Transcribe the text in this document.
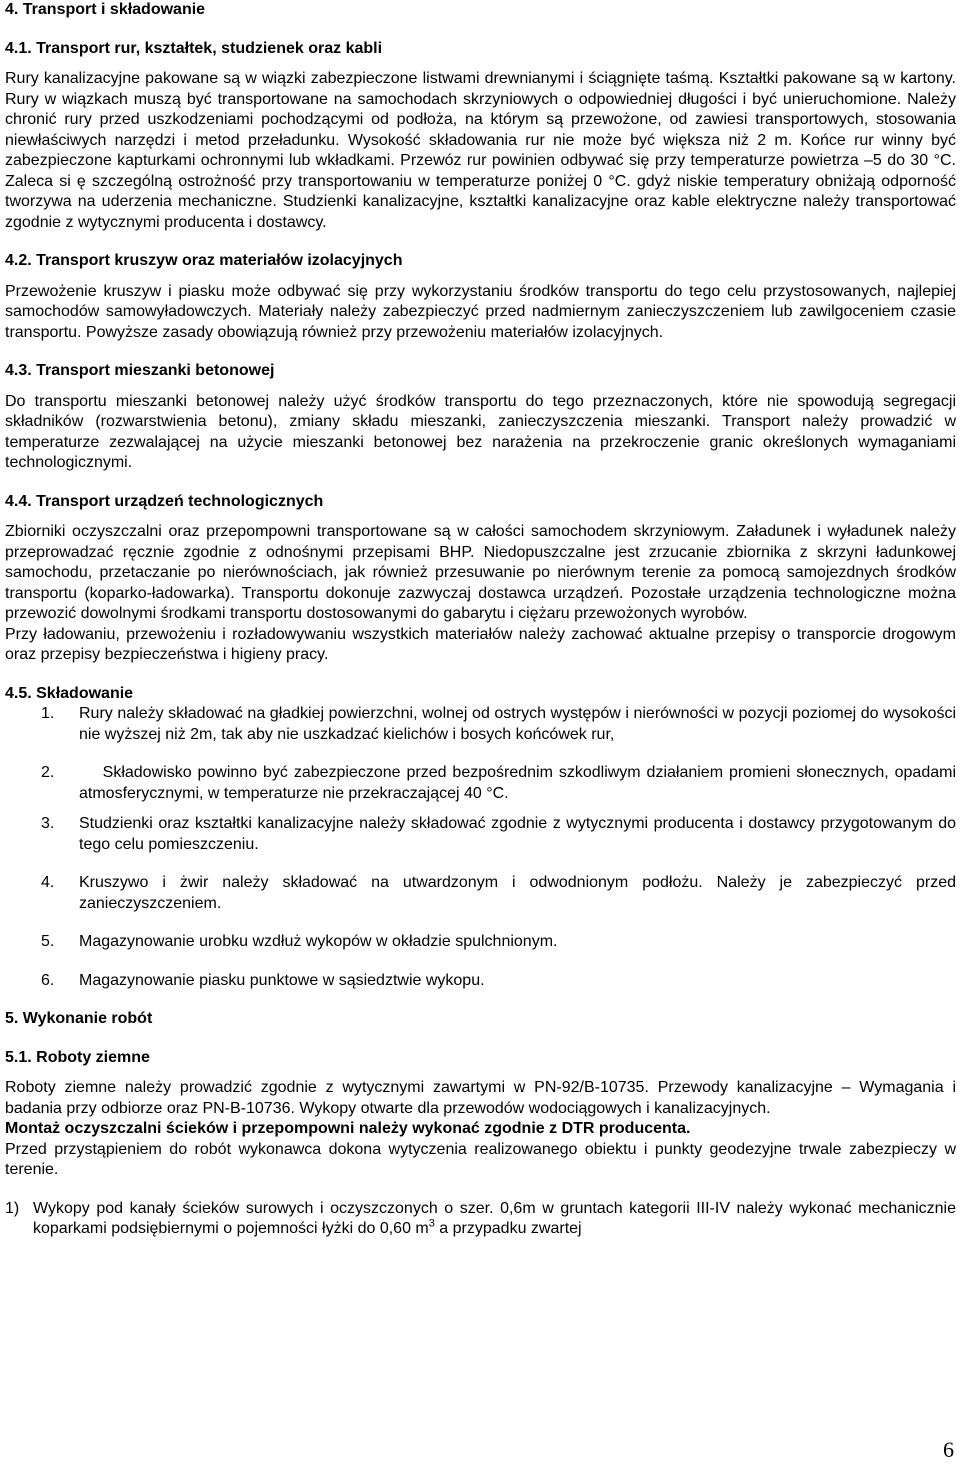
4. Transport i składowanie
4.1. Transport rur, kształtek, studzienek oraz kabli

Rury kanalizacyjne pakowane są w wiązki zabezpieczone listwami drewnianymi i ściągnięte taśmą. Kształtki pakowane są w kartony. Rury w wiązkach muszą być transportowane na samochodach skrzyniowych o odpowiedniej długości i być unieruchomione. Należy chronić rury przed uszkodzeniami pochodzącymi od podłoża, na którym są przewożone, od zawiesi transportowych, stosowania niewłaściwych narzędzi i metod przeładunku. Wysokość składowania rur nie może być większa niż 2 m. Końce rur winny być zabezpieczone kapturkami ochronnymi lub wkładkami. Przewóz rur powinien odbywać się przy temperaturze powietrza –5 do 30 °C. Zaleca si ę szczególną ostrożność przy transportowaniu w temperaturze poniżej 0 °C. gdyż niskie temperatury obniżają odporność tworzywa na uderzenia mechaniczne. Studzienki kanalizacyjne, kształtki kanalizacyjne oraz kable elektryczne należy transportować zgodnie z wytycznymi producenta i dostawcy.

4.2. Transport kruszyw oraz materiałów izolacyjnych

Przewożenie kruszyw i piasku może odbywać się przy wykorzystaniu środków transportu do tego celu przystosowanych, najlepiej samochodów samowyładowczych. Materiały należy zabezpieczyć przed nadmiernym zanieczyszczeniem lub zawilgoceniem czasie transportu. Powyższe zasady obowiązują również przy przewożeniu materiałów izolacyjnych.

4.3. Transport mieszanki betonowej

Do transportu mieszanki betonowej należy użyć środków transportu do tego przeznaczonych, które nie spowodują segregacji składników (rozwarstwienia betonu), zmiany składu mieszanki, zanieczyszczenia mieszanki. Transport należy prowadzić w temperaturze zezwalającej na użycie mieszanki betonowej bez narażenia na przekroczenie granic określonych wymaganiami technologicznymi.

4.4. Transport urządzeń technologicznych

Zbiorniki oczyszczalni oraz przepompowni transportowane są w całości samochodem skrzyniowym. Załadunek i wyładunek należy przeprowadzać ręcznie zgodnie z odnośnymi przepisami BHP. Niedopuszczalne jest zrzucanie zbiornika z skrzyni ładunkowej samochodu, przetaczanie po nierównościach, jak również przesuwanie po nierównym terenie za pomocą samojezdnych środków transportu (koparko-ładowarka). Transportu dokonuje zazwyczaj dostawca urządzeń. Pozostałe urządzenia technologiczne można przewozić dowolnymi środkami transportu dostosowanymi do gabarytu i ciężaru przewożonych wyrobów.

Przy ładowaniu, przewożeniu i rozładowywaniu wszystkich materiałów należy zachować aktualne przepisy o transporcie drogowym oraz przepisy bezpieczeństwa i higieny pracy.

4.5. Składowanie
1. Rury należy składować na gładkiej powierzchni, wolnej od ostrych występów i nierówności w pozycji poziomej do wysokości nie wyższej niż 2m, tak aby nie uszkadzać kielichów i bosych końcówek rur,
2.	Składowisko powinno być zabezpieczone przed bezpośrednim szkodliwym działaniem promieni słonecznych, opadami atmosferycznymi, w temperaturze nie przekraczającej 40 °C.
3. Studzienki oraz kształtki kanalizacyjne należy składować zgodnie z wytycznymi producenta i dostawcy przygotowanym do tego celu pomieszczeniu.
4. Kruszywo i żwir należy składować na utwardzonym i odwodnionym podłożu. Należy je zabezpieczyć przed zanieczyszczeniem.
5. Magazynowanie urobku wzdłuż wykopów w okładzie spulchnionym.
6. Magazynowanie piasku punktowe w sąsiedztwie wykopu.
5. Wykonanie robót
5.1. Roboty ziemne

Roboty ziemne należy prowadzić zgodnie z wytycznymi zawartymi w PN-92/B-10735. Przewody kanalizacyjne – Wymagania i badania przy odbiorze oraz PN-B-10736. Wykopy otwarte dla przewodów wodociągowych i kanalizacyjnych.

Montaż oczyszczalni ścieków i przepompowni należy wykonać zgodnie z DTR producenta.

Przed przystąpieniem do robót wykonawca dokona wytyczenia realizowanego obiektu i punkty geodezyjne trwale zabezpieczy w terenie.

1) Wykopy pod kanały ścieków surowych i oczyszczonych o szer. 0,6m w gruntach kategorii III-IV należy wykonać mechanicznie koparkami podsiębiernymi o pojemności łyżki do 0,60 $m^3$ a przypadku zwartej
6
